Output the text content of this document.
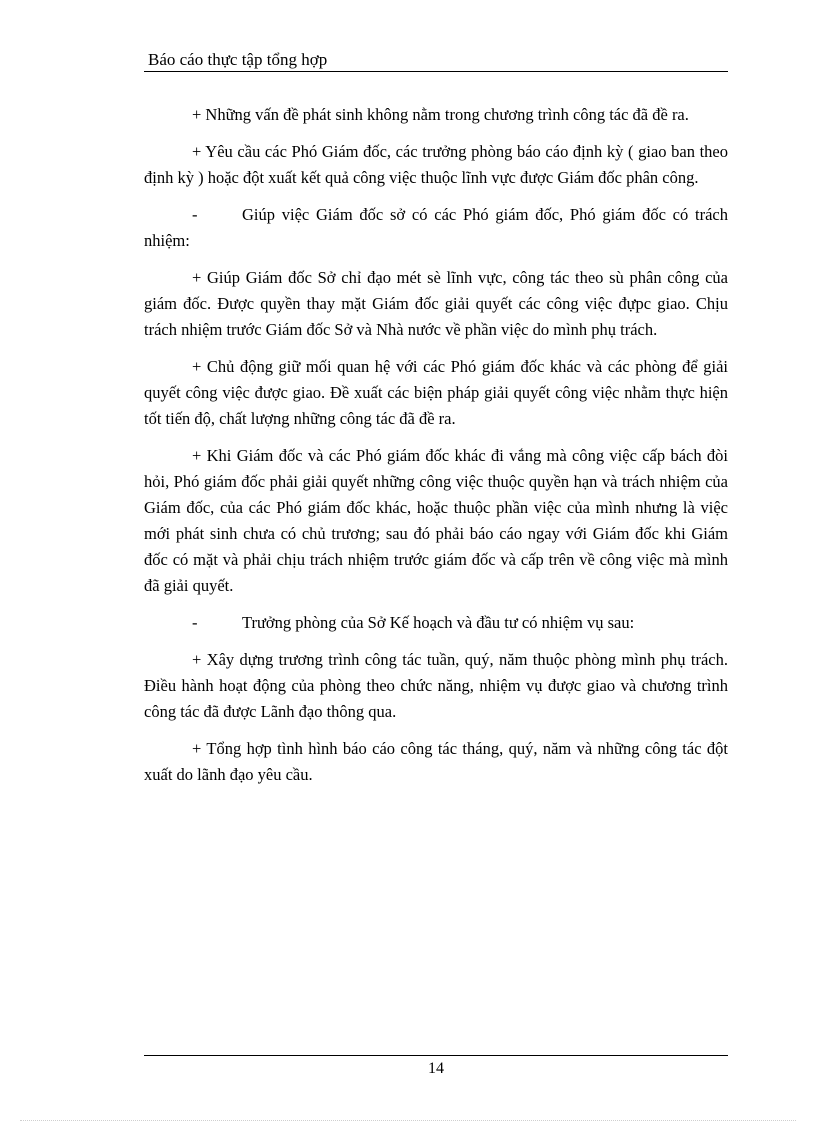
Báo cáo thực tập tổng hợp

+ Những vấn đề phát sinh không nằm trong chương trình công tác đã đề ra.

+ Yêu cầu các Phó Giám đốc, các trưởng phòng báo cáo định kỳ ( giao ban theo định kỳ ) hoặc đột xuất kết quả công việc thuộc lĩnh vực được Giám đốc phân công.

-	Giúp việc Giám đốc sở có các Phó giám đốc, Phó giám đốc có trách nhiệm:

+ Giúp Giám đốc Sở chỉ đạo mét sè lĩnh vực, công tác theo sù phân công của giám đốc. Được quyền thay mặt Giám đốc giải quyết các công việc đựpc giao. Chịu trách nhiệm trước Giám đốc Sở và Nhà nước về phần việc do mình phụ trách.

+ Chủ động giữ mối quan hệ với các Phó giám đốc khác và các phòng để giải quyết công việc được giao. Đề xuất các biện pháp giải quyết công việc nhằm thực hiện tốt tiến độ, chất lượng những công tác đã đề ra.

+ Khi Giám đốc và các Phó giám đốc khác đi vắng mà công việc cấp bách đòi hỏi, Phó giám đốc phải giải quyết những công việc thuộc quyền hạn và trách nhiệm của Giám đốc, của các Phó giám đốc khác, hoặc thuộc phần việc của mình nhưng là việc mới phát sinh chưa có chủ trương; sau đó phải báo cáo ngay với Giám đốc khi Giám đốc có mặt và phải chịu trách nhiệm trước giám đốc và cấp trên về công việc mà mình đã giải quyết.

-	Trưởng phòng của Sở Kế hoạch và đầu tư có nhiệm vụ sau:

+ Xây dựng trương trình công tác tuần, quý, năm thuộc phòng mình phụ trách. Điều hành hoạt động của phòng theo chức năng, nhiệm vụ được giao và chương trình công tác đã được Lãnh đạo thông qua.

+ Tổng hợp tình hình báo cáo công tác tháng, quý, năm và những công tác đột xuất do lãnh đạo yêu cầu.

14
